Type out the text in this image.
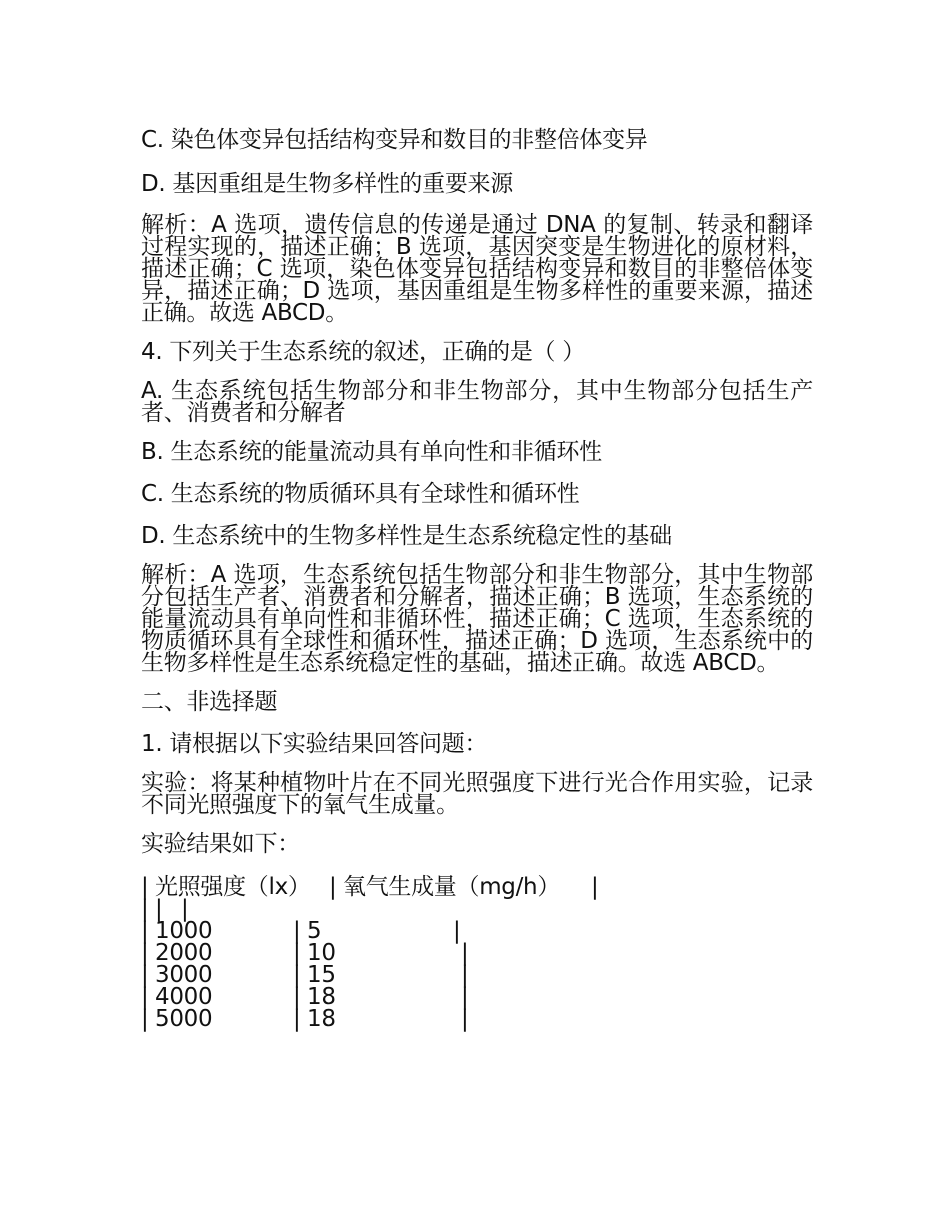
C. 染色体变异包括结构变异和数目的非整倍体变异
D. 基因重组是生物多样性的重要来源
解析：A 选项，遗传信息的传递是通过 DNA 的复制、转录和翻译过程实现的，描述正确；B 选项，基因突变是生物进化的原材料，描述正确；C 选项，染色体变异包括结构变异和数目的非整倍体变异，描述正确；D 选项，基因重组是生物多样性的重要来源，描述正确。故选 ABCD。
4. 下列关于生态系统的叙述，正确的是（ ）
A. 生态系统包括生物部分和非生物部分，其中生物部分包括生产者、消费者和分解者
B. 生态系统的能量流动具有单向性和非循环性
C. 生态系统的物质循环具有全球性和循环性
D. 生态系统中的生物多样性是生态系统稳定性的基础
解析：A 选项，生态系统包括生物部分和非生物部分，其中生物部分包括生产者、消费者和分解者，描述正确；B 选项，生态系统的能量流动具有单向性和非循环性，描述正确；C 选项，生态系统的物质循环具有全球性和循环性，描述正确；D 选项，生态系统中的生物多样性是生态系统稳定性的基础，描述正确。故选 ABCD。
二、非选择题
1. 请根据以下实验结果回答问题：
实验：将某种植物叶片在不同光照强度下进行光合作用实验，记录不同光照强度下的氧气生成量。
实验结果如下：
| 光照强度（lx） | 氧气生成量（mg/h） |
| | |
| 1000	| 5	|
| 2000	| 10	|
| 3000	| 15	|
| 4000	| 18	|
| 5000	| 18	|
